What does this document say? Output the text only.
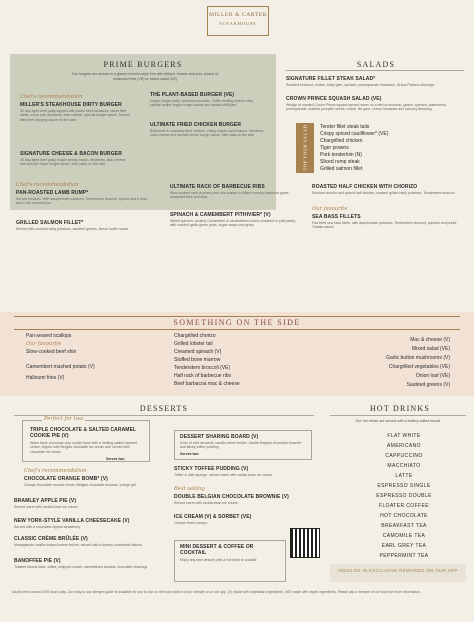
MILLER & CARTER
STEAKHOUSE
PRIME BURGERS
Our burgers are served in a glazed brioche-style bun with lettuce, tomato and your choice of seasoned fries (VE) or mixed salad (VE)
Chef's recommendation
MILLER'S STEAKHOUSE DIRTY BURGER
30 day aged beef patty topped with pulled beef barbacoa, sliced fillet steak, onion loaf, Monterey Jack cheese, special burger sauce. Served with beef dripping sauce on the side
SIGNATURE CHEESE & BACON BURGER
30 day aged beef patty, maple smoky bacon, Monterey Jack cheese and special recipe burger sauce, with onion on the side
THE PLANT-BASED BURGER (VE)
Vegan burger patty, smashed avocado, Violife melting mature slice, special recipe vegan burger sauce and tomato chilli jam
ULTIMATE FRIED CHICKEN BURGER
Buttermilk & rosemary fried chicken, crispy maple-cured bacon, Monterey Jack cheese and special recipe burger sauce, with slaw on the side
SALADS
SIGNATURE FILLET STEAK SALAD*
Roasted beetroot, endive, baby gem, spinach, pomegranate molasses, Grana Padano shavings
CROWN PRINCE SQUASH SALAD (VE)
Wedge of roasted Crown Prince squash served warm on a bed of avocado, grains, spinach, watercress, pomegranate, toasted pumpkin seeds, rocket, lite gem, cherry tomatoes and savoury dressing
TOP YOUR SALAD	Tender fillet steak tails
Crispy spiced cauliflower* (VE)
Chargrilled chicken
Tiger prawns
Pork tenderloin (N)
Sliced rump steak
Grilled salmon fillet
Chef's recommendation
PAN-ROASTED LAMB RUMP*
Served medium. With dauphinoise potatoes, Tenderstem broccoli, spiced pea & mint and a rich red wine jus
GRILLED SALMON FILLET*
Served with crushed baby potatoes, sautéed greens, lemon butter sauce
ULTIMATE RACK OF BARBECUE RIBS
Slow-cooked rack of prime pork ribs coated in Miller's smoky barbecue glaze, seasoned fries and slaw
SPINACH & CAMEMBERT PITHIVIER* (V)
Wilted spinach, creamy Camembert & caramelised onions encased in puff pastry, with roasted garlic green peas, sugar snaps and gravy
ROASTED HALF CHICKEN WITH CHORIZO
Smoked chorizo and spiced half chicken, roasted grilled baby potatoes, Tenderstem broccoli
Our favourite
SEA BASS FILLETS
Pan-fried sea bass fillets, with dauphinoise potatoes, Tenderstem broccoli, spinach and purée, Tomato sauce
SOMETHING ON THE SIDE
Pan-seared scallops
Our favourite
Slow-cooked beef shin
Camembert mashed potato (V)
Halloumi fries (V)
Chargrilled chorizo
Grilled lobster tail
Creamed spinach (V)
Stuffed bone marrow
Tenderstem broccoli (VE)
Half rack of barbecue ribs
Beef barbacoa mac & cheese
Mac & cheese (V)
Mixed salad (VE)
Garlic button mushrooms (V)
Chargrilled vegetables (VE)
Onion loaf (VE)
Sautéed greens (V)
DESSERTS
Perfect for two
TRIPLE CHOCOLATE & SALTED CARAMEL COOKIE PIE (V)
Warm triple chocolate chip cookie base with a melting salted caramel centre, topped with Belgian chocolate ice cream and served with chocolate ice cream
Serves two
Chef's recommendation
CHOCOLATE ORANGE BOMB* (V)
Orange chocolate mousse bomb, Belgian chocolate mousse, orange gel
BRAMLEY APPLE PIE (V)
Served warm with vanilla bean ice cream
NEW YORK-STYLE VANILLA CHEESECAKE (V)
Served with a chocolate-dipped strawberry
CLASSIC CRÈME BRÛLÉE (V)
Madagascan vanilla-infused crème brûlée, served with a buttery shortbread biscuit
BANOFFEE PIE (V)
Toasted biscuit base, toffee, whipped cream, caramelised banana, chocolate shavings
DESSERT SHARING BOARD (V)
A trio of mini desserts: vanilla crème brûlée, double Belgian chocolate brownie and sticky toffee pudding
Serves two
STICKY TOFFEE PUDDING (V)
Toffee & date sponge, served warm with vanilla bean ice cream
Best selling
DOUBLE BELGIAN CHOCOLATE BROWNIE (V)
Served warm with vanilla bean ice cream
ICE CREAM (V) & SORBET (VE)
Choose three scoops
MINI DESSERT & COFFEE OR COCKTAIL
Enjoy any mini dessert with a hot drink or cocktail
HOT DRINKS
Our hot drinks are served with a buttery salted biscuit
FLAT WHITE
AMERICANO
CAPPUCCINO
MACCHIATO
LATTE
ESPRESSO SINGLE
ESPRESSO DOUBLE
FLOATER COFFEE
HOT CHOCOLATE
BREAKFAST TEA
CAMOMILE TEA
EARL GREY TEA
PEPPERMINT TEA
INDULGE IN EXCLUSIVE REWARDS ON OUR APP
Adults need around 2000 kcal a day. Our easy to use allergen guide is available for you to use on the food section of our website or on our app. (V) made with vegetarian ingredients, (VE) made with vegan ingredients. Please ask a member of our team for more information.
